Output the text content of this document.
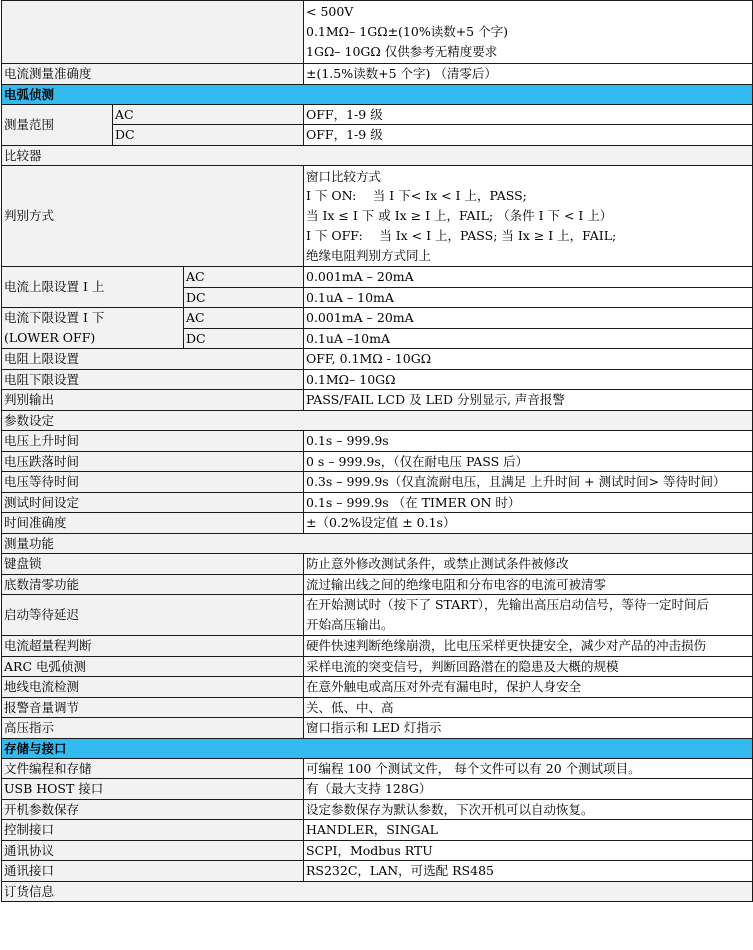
			< 500V
0.1MΩ– 1GΩ±(10%读数+5 个字)
1GΩ– 10GΩ 仅供参考无精度要求

电流测量准确度			±(1.5%读数+5 个字) （清零后）
电弧侦测			
测量范围	AC		OFF，1-9 级
	DC		OFF，1-9 级
比较器			
判别方式			窗口比较方式
I 下 ON:　 当 I 下< Ix < I 上，PASS;
当 Ix ≤ I 下 或 Ix ≥ I 上，FAIL; （条件 I 下 < I 上）
I 下 OFF:　 当 Ix < I 上，PASS; 当 Ix ≥ I 上，FAIL;
绝缘电阻判别方式同上

电流上限设置 I 上		AC	0.001mA – 20mA
		DC	0.1uA – 10mA

电流下限设置 I 下
(LOWER OFF)		AC	0.001mA – 20mA
		DC	0.1uA –10mA
电阻上限设置			OFF, 0.1MΩ - 10GΩ
电阻下限设置			0.1MΩ– 10GΩ
判别输出			PASS/FAIL LCD 及 LED 分别显示, 声音报警
参数设定			
电压上升时间			0.1s – 999.9s
电压跌落时间			0 s – 999.9s，（仅在耐电压 PASS 后）
电压等待时间			0.3s – 999.9s（仅直流耐电压，且满足 上升时间 + 测试时间> 等待时间）
测试时间设定			0.1s – 999.9s （在 TIMER ON 时）
时间准确度			±（0.2%设定值 ± 0.1s）
测量功能			
键盘锁			防止意外修改测试条件，或禁止测试条件被修改
底数清零功能			流过输出线之间的绝缘电阻和分布电容的电流可被清零
启动等待延迟			在开始测试时（按下了 START），先输出高压启动信号，等待一定时间后
开始高压输出。

电流超量程判断			硬件快速判断绝缘崩溃，比电压采样更快捷安全，减少对产品的冲击损伤
ARC 电弧侦测			采样电流的突变信号，判断回路潜在的隐患及大概的规模
地线电流检测			在意外触电或高压对外壳有漏电时，保护人身安全
报警音量调节			关、低、中、高
高压指示			窗口指示和 LED 灯指示
存储与接口			
文件编程和存储			可编程 100 个测试文件， 每个文件可以有 20 个测试项目。
USB HOST 接口			有（最大支持 128G）
开机参数保存			设定参数保存为默认参数，下次开机可以自动恢复。
控制接口			HANDLER，SINGAL
通讯协议			SCPI，Modbus RTU
通讯接口			RS232C，LAN，可选配 RS485
订货信息			
